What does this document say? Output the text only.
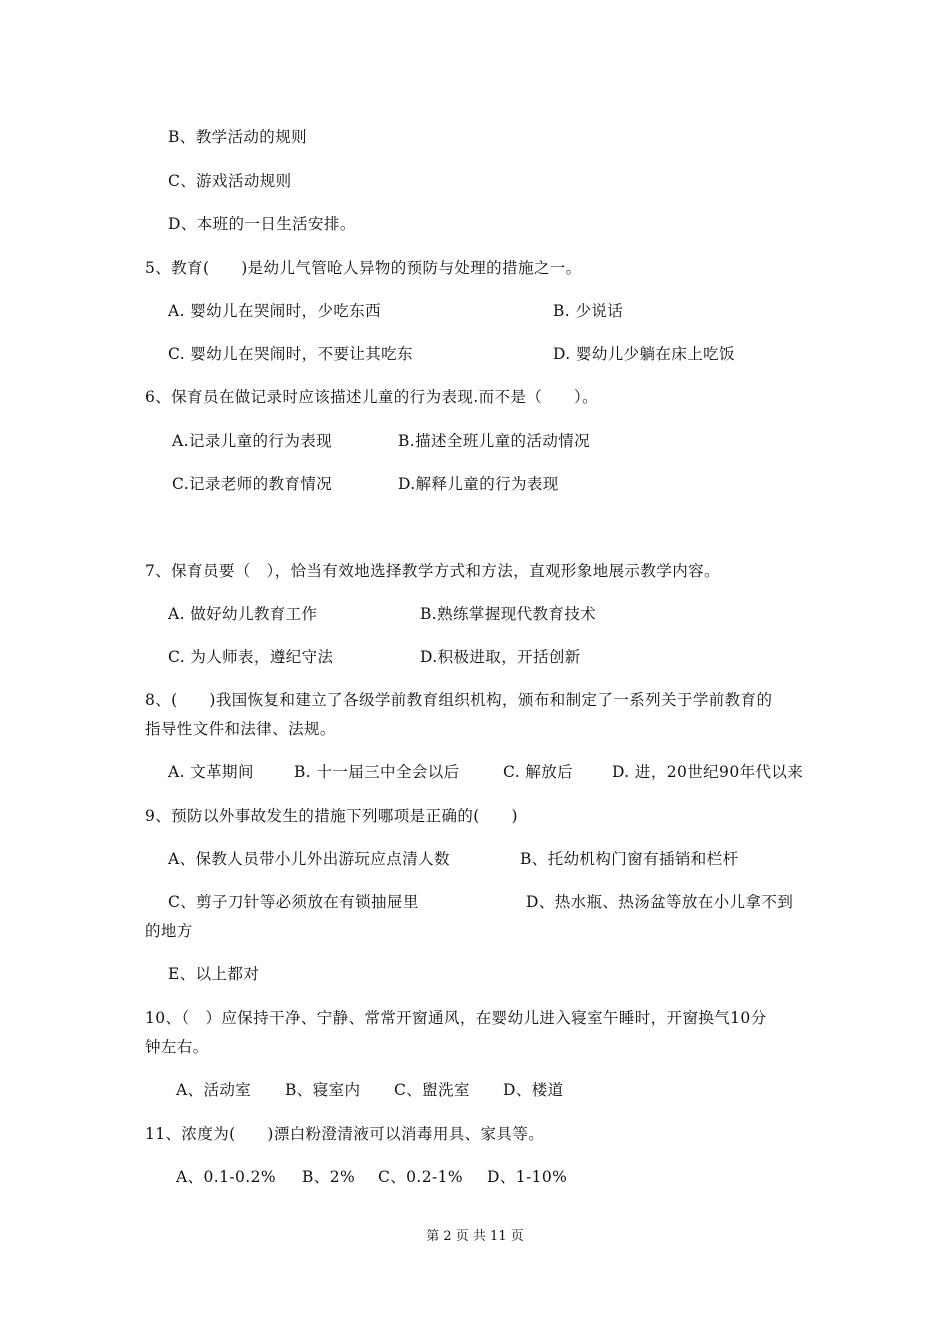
B、教学活动的规则
C、游戏活动规则
D、本班的一日生活安排。
5、教育(　　)是幼儿气管呛人异物的预防与处理的措施之一。
A. 婴幼儿在哭闹时，少吃东西	B. 少说话
C. 婴幼儿在哭闹时，不要让其吃东	D. 婴幼儿少躺在床上吃饭
6、保育员在做记录时应该描述儿童的行为表现.而不是（　　）。
A.记录儿童的行为表现	B.描述全班儿童的活动情况
C.记录老师的教育情况	D.解释儿童的行为表现
7、保育员要（　），恰当有效地选择教学方式和方法，直观形象地展示教学内容。
A. 做好幼儿教育工作	B.熟练掌握现代教育技术
C. 为人师表，遵纪守法	D.积极进取，开括创新
8、(　　)我国恢复和建立了各级学前教育组织机构，颁布和制定了一系列关于学前教育的
指导性文件和法律、法规。
A. 文革期间	B. 十一届三中全会以后	C. 解放后	D. 进，20世纪90年代以来
9、预防以外事故发生的措施下列哪项是正确的(　　)
A、保教人员带小儿外出游玩应点清人数	B、托幼机构门窗有插销和栏杆
C、剪子刀针等必须放在有锁抽屉里	D、热水瓶、热汤盆等放在小儿拿不到
的地方
E、以上都对
10、（　）应保持干净、宁静、常常开窗通风，在婴幼儿进入寝室午睡时，开窗换气10分
钟左右。
A、活动室 B、寝室内 C、盥洗室 D、楼道
11、浓度为(　　)漂白粉澄清液可以消毒用具、家具等。
A、0.1-0.2% B、2% C、0.2-1% D、1-10%
第 2 页 共 11 页
